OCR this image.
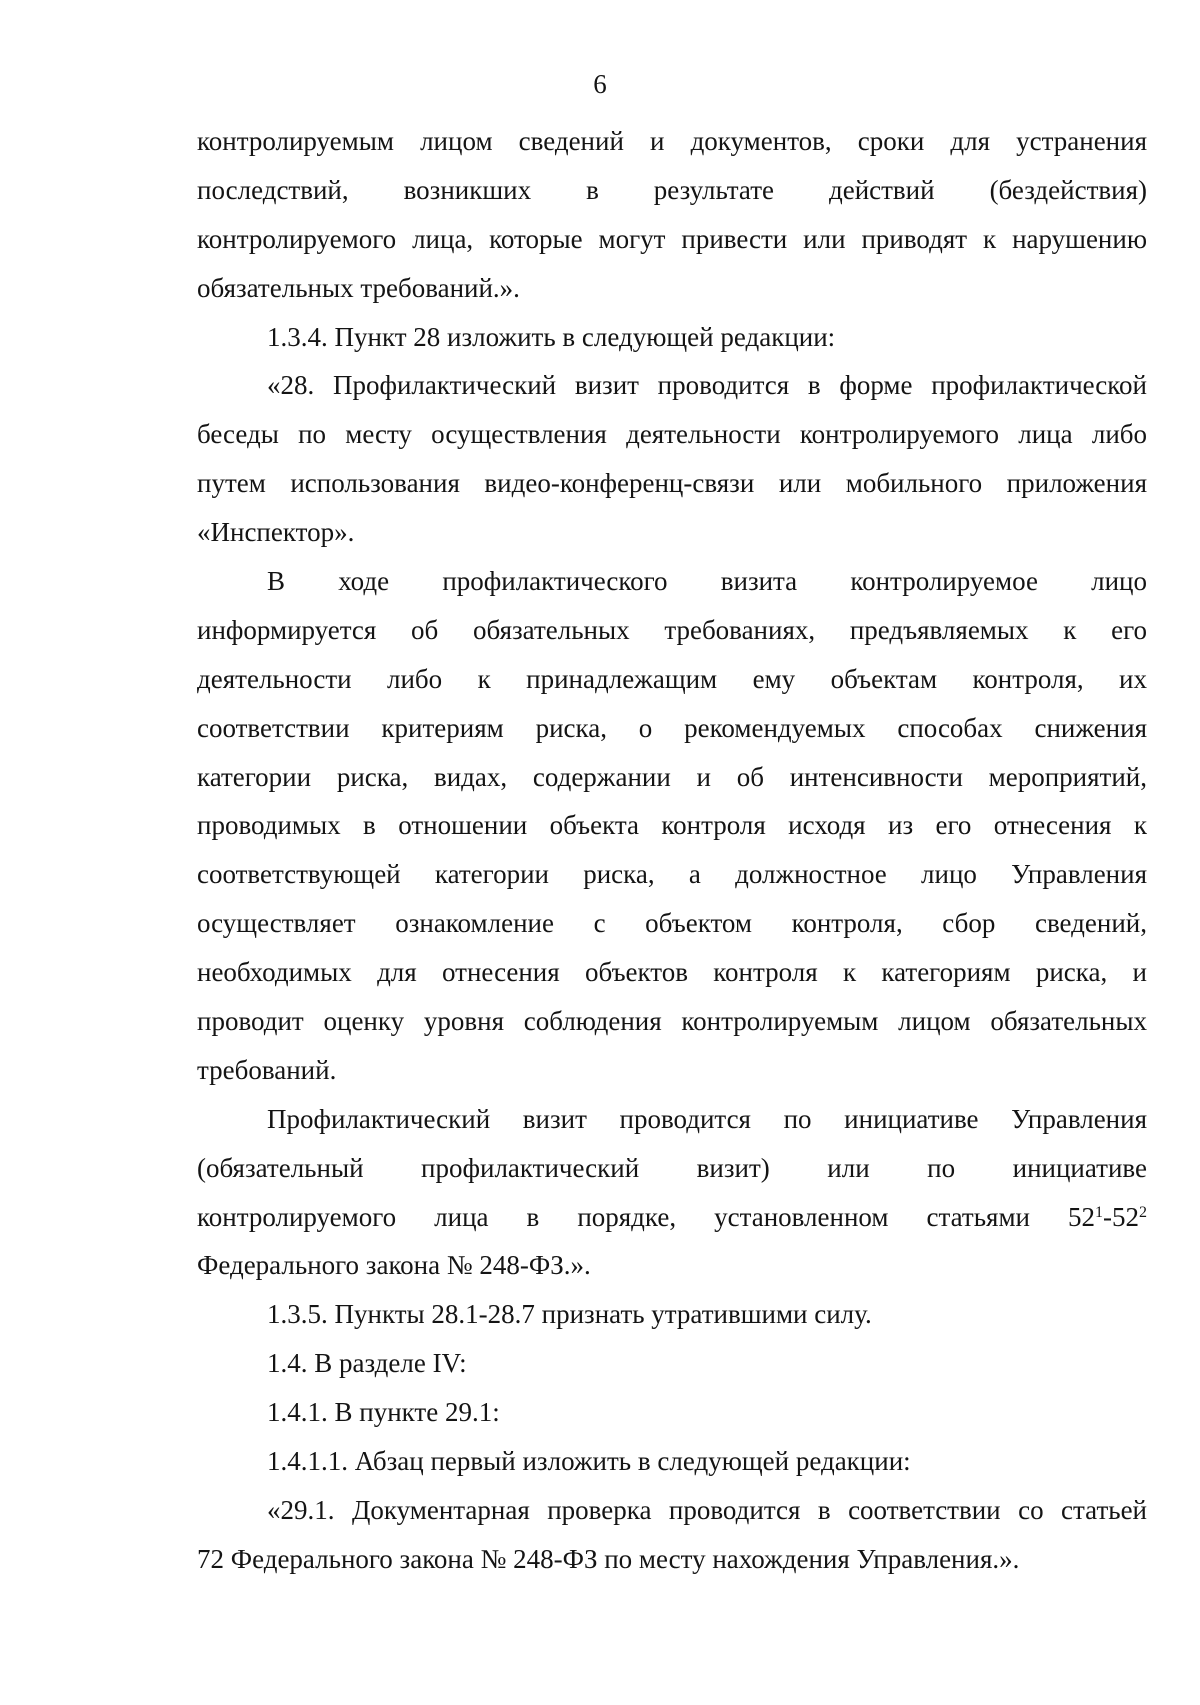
6
контролируемым лицом сведений и документов, сроки для устранения
последствий, возникших в результате действий (бездействия)
контролируемого лица, которые могут привести или приводят к нарушению
обязательных требований.».
1.3.4. Пункт 28 изложить в следующей редакции:
«28. Профилактический визит проводится в форме профилактической
беседы по месту осуществления деятельности контролируемого лица либо
путем использования видео-конференц-связи или мобильного приложения
«Инспектор».
В ходе профилактического визита контролируемое лицо
информируется об обязательных требованиях, предъявляемых к его
деятельности либо к принадлежащим ему объектам контроля, их
соответствии критериям риска, о рекомендуемых способах снижения
категории риска, видах, содержании и об интенсивности мероприятий,
проводимых в отношении объекта контроля исходя из его отнесения к
соответствующей категории риска, а должностное лицо Управления
осуществляет ознакомление с объектом контроля, сбор сведений,
необходимых для отнесения объектов контроля к категориям риска, и
проводит оценку уровня соблюдения контролируемым лицом обязательных
требований.
Профилактический визит проводится по инициативе Управления
(обязательный профилактический визит) или по инициативе
контролируемого лица в порядке, установленном статьями $52^1-52^2$
Федерального закона № 248-ФЗ.».
1.3.5. Пункты 28.1-28.7 признать утратившими силу.
1.4. В разделе IV:
1.4.1. В пункте 29.1:
1.4.1.1. Абзац первый изложить в следующей редакции:
«29.1. Документарная проверка проводится в соответствии со статьей
72 Федерального закона № 248-ФЗ по месту нахождения Управления.».
